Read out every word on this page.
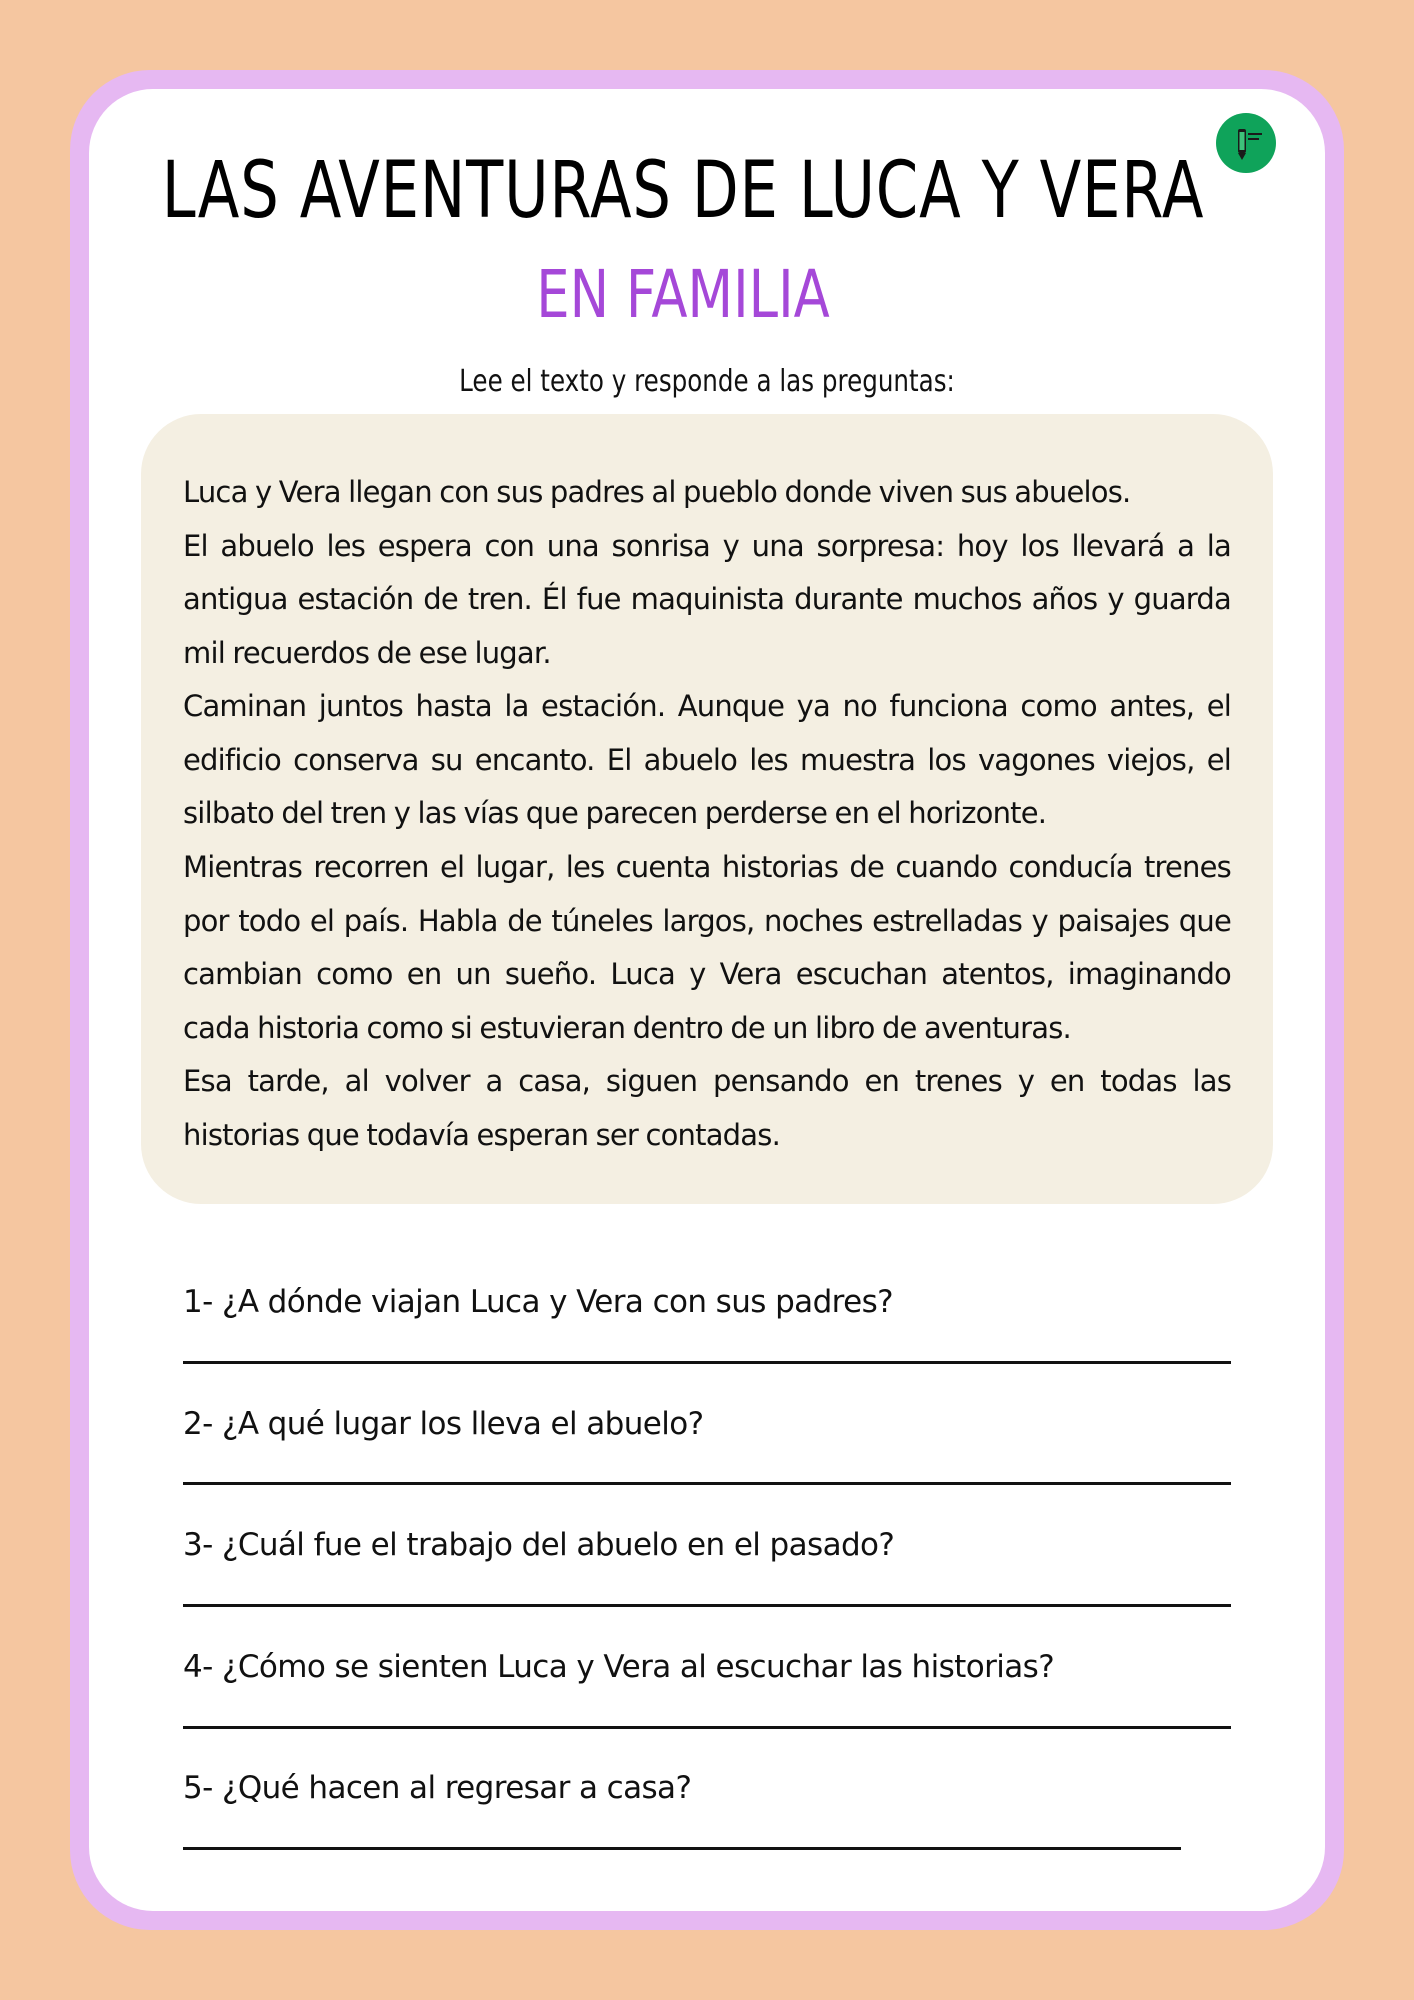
LAS AVENTURAS DE LUCA Y VERA
EN FAMILIA
Lee el texto y responde a las preguntas:

Luca y Vera llegan con sus padres al pueblo donde viven sus abuelos.

El abuelo les espera con una sonrisa y una sorpresa: hoy los llevará a la antigua estación de tren. Él fue maquinista durante muchos años y guarda mil recuerdos de ese lugar.

Caminan juntos hasta la estación. Aunque ya no funciona como antes, el edificio conserva su encanto. El abuelo les muestra los vagones viejos, el silbato del tren y las vías que parecen perderse en el horizonte.

Mientras recorren el lugar, les cuenta historias de cuando conducía trenes por todo el país. Habla de túneles largos, noches estrelladas y paisajes que cambian como en un sueño. Luca y Vera escuchan atentos, imaginando cada historia como si estuvieran dentro de un libro de aventuras.

Esa tarde, al volver a casa, siguen pensando en trenes y en todas las historias que todavía esperan ser contadas.

1- ¿A dónde viajan Luca y Vera con sus padres?
2- ¿A qué lugar los lleva el abuelo?
3- ¿Cuál fue el trabajo del abuelo en el pasado?
4- ¿Cómo se sienten Luca y Vera al escuchar las historias?
5- ¿Qué hacen al regresar a casa?
